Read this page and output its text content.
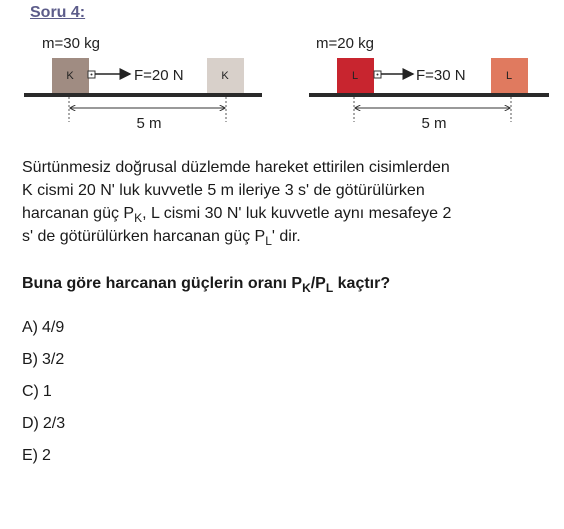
Soru 4:
m=30 kg
K	F=20 N	K
5 m
m=20 kg
L	F=30 N	L
5 m
Sürtünmesiz doğrusal düzlemde hareket ettirilen cisimlerden
K cismi 20 N' luk kuvvetle 5 m ileriye 3 s' de götürülürken
harcanan güç $P_K$, L cismi 30 N' luk kuvvetle aynı mesafeye 2
s' de götürülürken harcanan güç $P_L'$ dir.
Buna göre harcanan güçlerin oranı $P_K/P_L$ kaçtır?
A) 4/9
B) 3/2
C) 1
D) 2/3
E) 2
